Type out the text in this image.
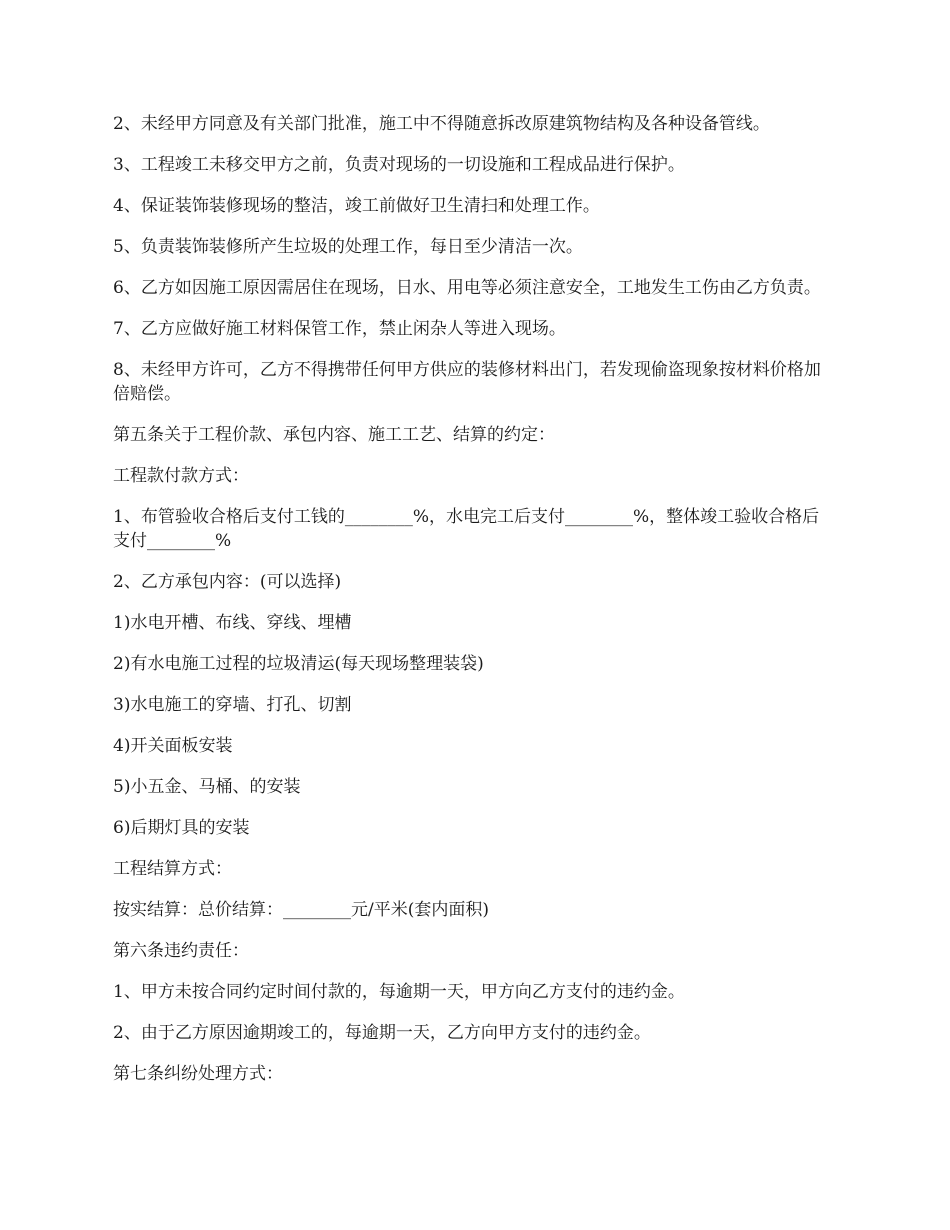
2、未经甲方同意及有关部门批准，施工中不得随意拆改原建筑物结构及各种设备管线。

3、工程竣工未移交甲方之前，负责对现场的一切设施和工程成品进行保护。

4、保证装饰装修现场的整洁，竣工前做好卫生清扫和处理工作。

5、负责装饰装修所产生垃圾的处理工作，每日至少清洁一次。

6、乙方如因施工原因需居住在现场，日水、用电等必须注意安全，工地发生工伤由乙方负责。

7、乙方应做好施工材料保管工作，禁止闲杂人等进入现场。

8、未经甲方许可，乙方不得携带任何甲方供应的装修材料出门，若发现偷盗现象按材料价格加倍赔偿。

第五条关于工程价款、承包内容、施工工艺、结算的约定：

工程款付款方式：

1、布管验收合格后支付工钱的________%，水电完工后支付________%，整体竣工验收合格后支付________%

2、乙方承包内容：(可以选择)

1)水电开槽、布线、穿线、埋槽

2)有水电施工过程的垃圾清运(每天现场整理装袋)

3)水电施工的穿墙、打孔、切割

4)开关面板安装

5)小五金、马桶、的安装

6)后期灯具的安装

工程结算方式：

按实结算：总价结算：________元/平米(套内面积)

第六条违约责任：

1、甲方未按合同约定时间付款的，每逾期一天，甲方向乙方支付的违约金。

2、由于乙方原因逾期竣工的，每逾期一天，乙方向甲方支付的违约金。

第七条纠纷处理方式：
